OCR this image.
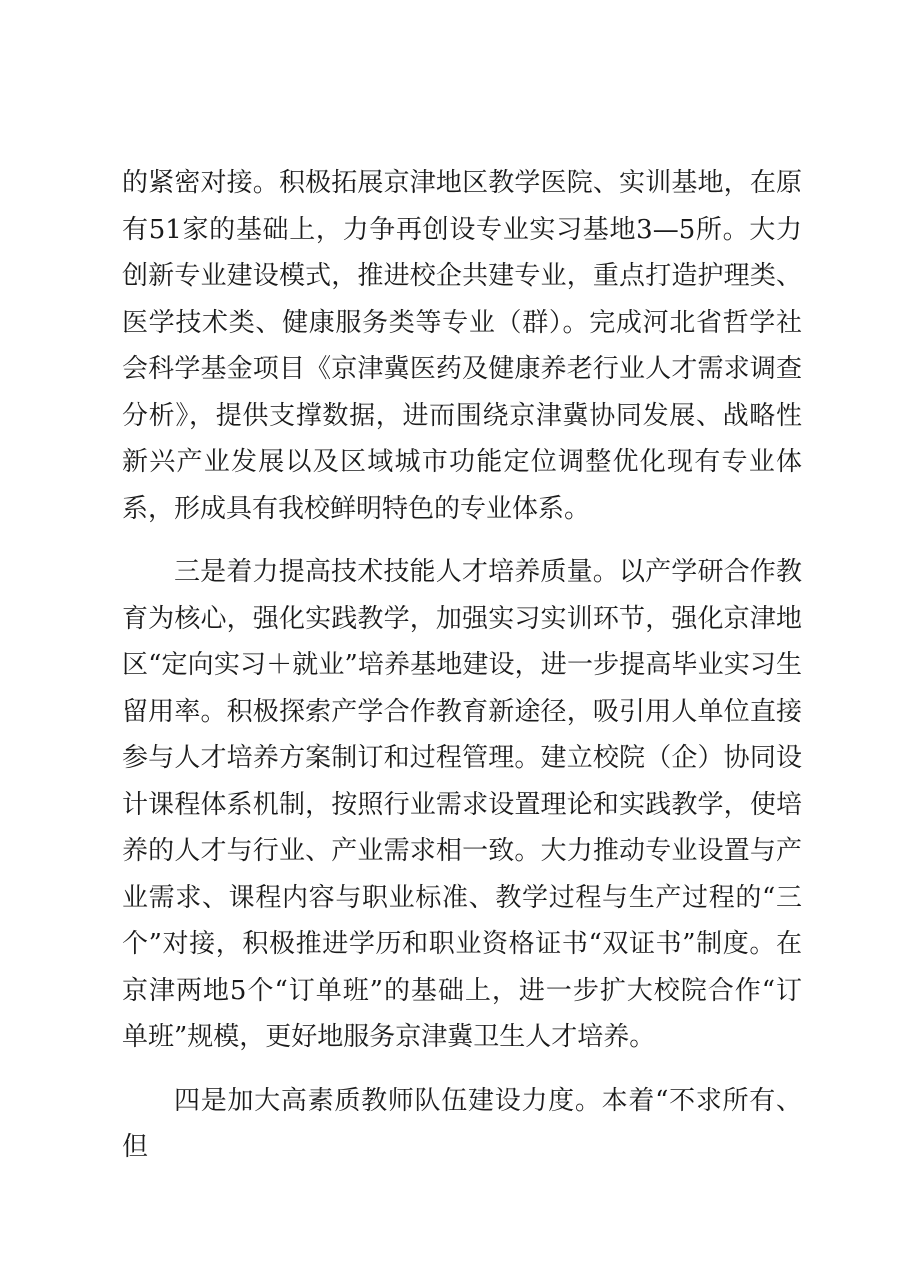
的紧密对接。积极拓展京津地区教学医院、实训基地，在原有51家的基础上，力争再创设专业实习基地3—5所。大力创新专业建设模式，推进校企共建专业，重点打造护理类、医学技术类、健康服务类等专业（群）。完成河北省哲学社会科学基金项目《京津冀医药及健康养老行业人才需求调查分析》，提供支撑数据，进而围绕京津冀协同发展、战略性新兴产业发展以及区域城市功能定位调整优化现有专业体系，形成具有我校鲜明特色的专业体系。

三是着力提高技术技能人才培养质量。以产学研合作教育为核心，强化实践教学，加强实习实训环节，强化京津地区“定向实习＋就业”培养基地建设，进一步提高毕业实习生留用率。积极探索产学合作教育新途径，吸引用人单位直接参与人才培养方案制订和过程管理。建立校院（企）协同设计课程体系机制，按照行业需求设置理论和实践教学，使培养的人才与行业、产业需求相一致。大力推动专业设置与产业需求、课程内容与职业标准、教学过程与生产过程的“三个”对接，积极推进学历和职业资格证书“双证书”制度。在京津两地5个“订单班”的基础上，进一步扩大校院合作“订单班”规模，更好地服务京津冀卫生人才培养。

四是加大高素质教师队伍建设力度。本着“不求所有、但
